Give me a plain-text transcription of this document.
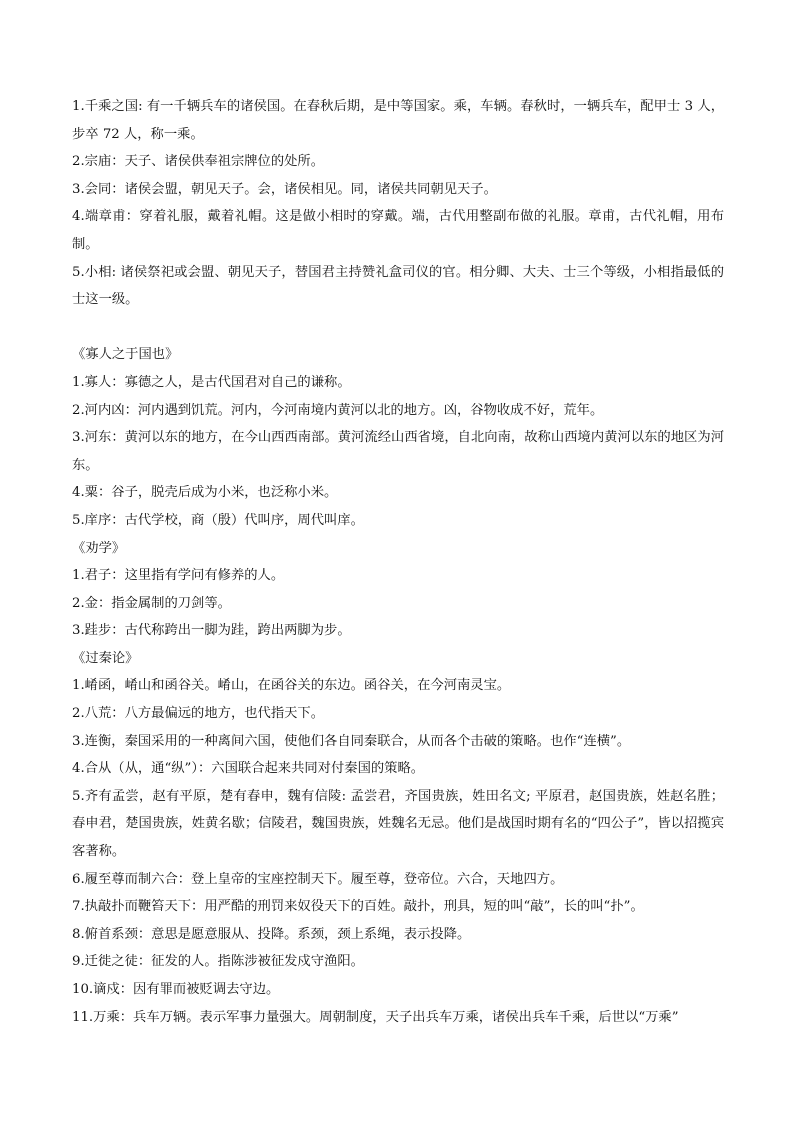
1.千乘之国: 有一千辆兵车的诸侯国。在春秋后期，是中等国家。乘，车辆。春秋时，一辆兵车，配甲士 3 人，步卒 72 人，称一乘。

2.宗庙：天子、诸侯供奉祖宗牌位的处所。

3.会同：诸侯会盟，朝见天子。会，诸侯相见。同，诸侯共同朝见天子。

4.端章甫：穿着礼服，戴着礼帽。这是做小相时的穿戴。端，古代用整副布做的礼服。章甫，古代礼帽，用布制。

5.小相: 诸侯祭祀或会盟、朝见天子，替国君主持赞礼盒司仪的官。相分卿、大夫、士三个等级，小相指最低的士这一级。

《寡人之于国也》

1.寡人：寡德之人，是古代国君对自己的谦称。

2.河内凶：河内遇到饥荒。河内，今河南境内黄河以北的地方。凶，谷物收成不好，荒年。

3.河东：黄河以东的地方，在今山西西南部。黄河流经山西省境，自北向南，故称山西境内黄河以东的地区为河东。

4.粟：谷子，脱壳后成为小米，也泛称小米。

5.庠序：古代学校，商（殷）代叫序，周代叫庠。

《劝学》

1.君子：这里指有学问有修养的人。

2.金：指金属制的刀剑等。

3.跬步：古代称跨出一脚为跬，跨出两脚为步。

《过秦论》

1.崤函，崤山和函谷关。崤山，在函谷关的东边。函谷关，在今河南灵宝。

2.八荒：八方最偏远的地方，也代指天下。

3.连衡，秦国采用的一种离间六国，使他们各自同秦联合，从而各个击破的策略。也作“连横”。

4.合从（从，通“纵”）：六国联合起来共同对付秦国的策略。

5.齐有孟尝，赵有平原，楚有春申，魏有信陵: 孟尝君，齐国贵族，姓田名文; 平原君，赵国贵族，姓赵名胜；春申君，楚国贵族，姓黄名歇；信陵君，魏国贵族，姓魏名无忌。他们是战国时期有名的“四公子”，皆以招揽宾客著称。

6.履至尊而制六合：登上皇帝的宝座控制天下。履至尊，登帝位。六合，天地四方。

7.执敲扑而鞭笞天下：用严酷的刑罚来奴役天下的百姓。敲扑，刑具，短的叫“敲”，长的叫“扑”。

8.俯首系颈：意思是愿意服从、投降。系颈，颈上系绳，表示投降。

9.迁徙之徒：征发的人。指陈涉被征发戍守渔阳。

10.谪戍：因有罪而被贬调去守边。

11.万乘：兵车万辆。表示军事力量强大。周朝制度，天子出兵车万乘，诸侯出兵车千乘，后世以“万乘”
